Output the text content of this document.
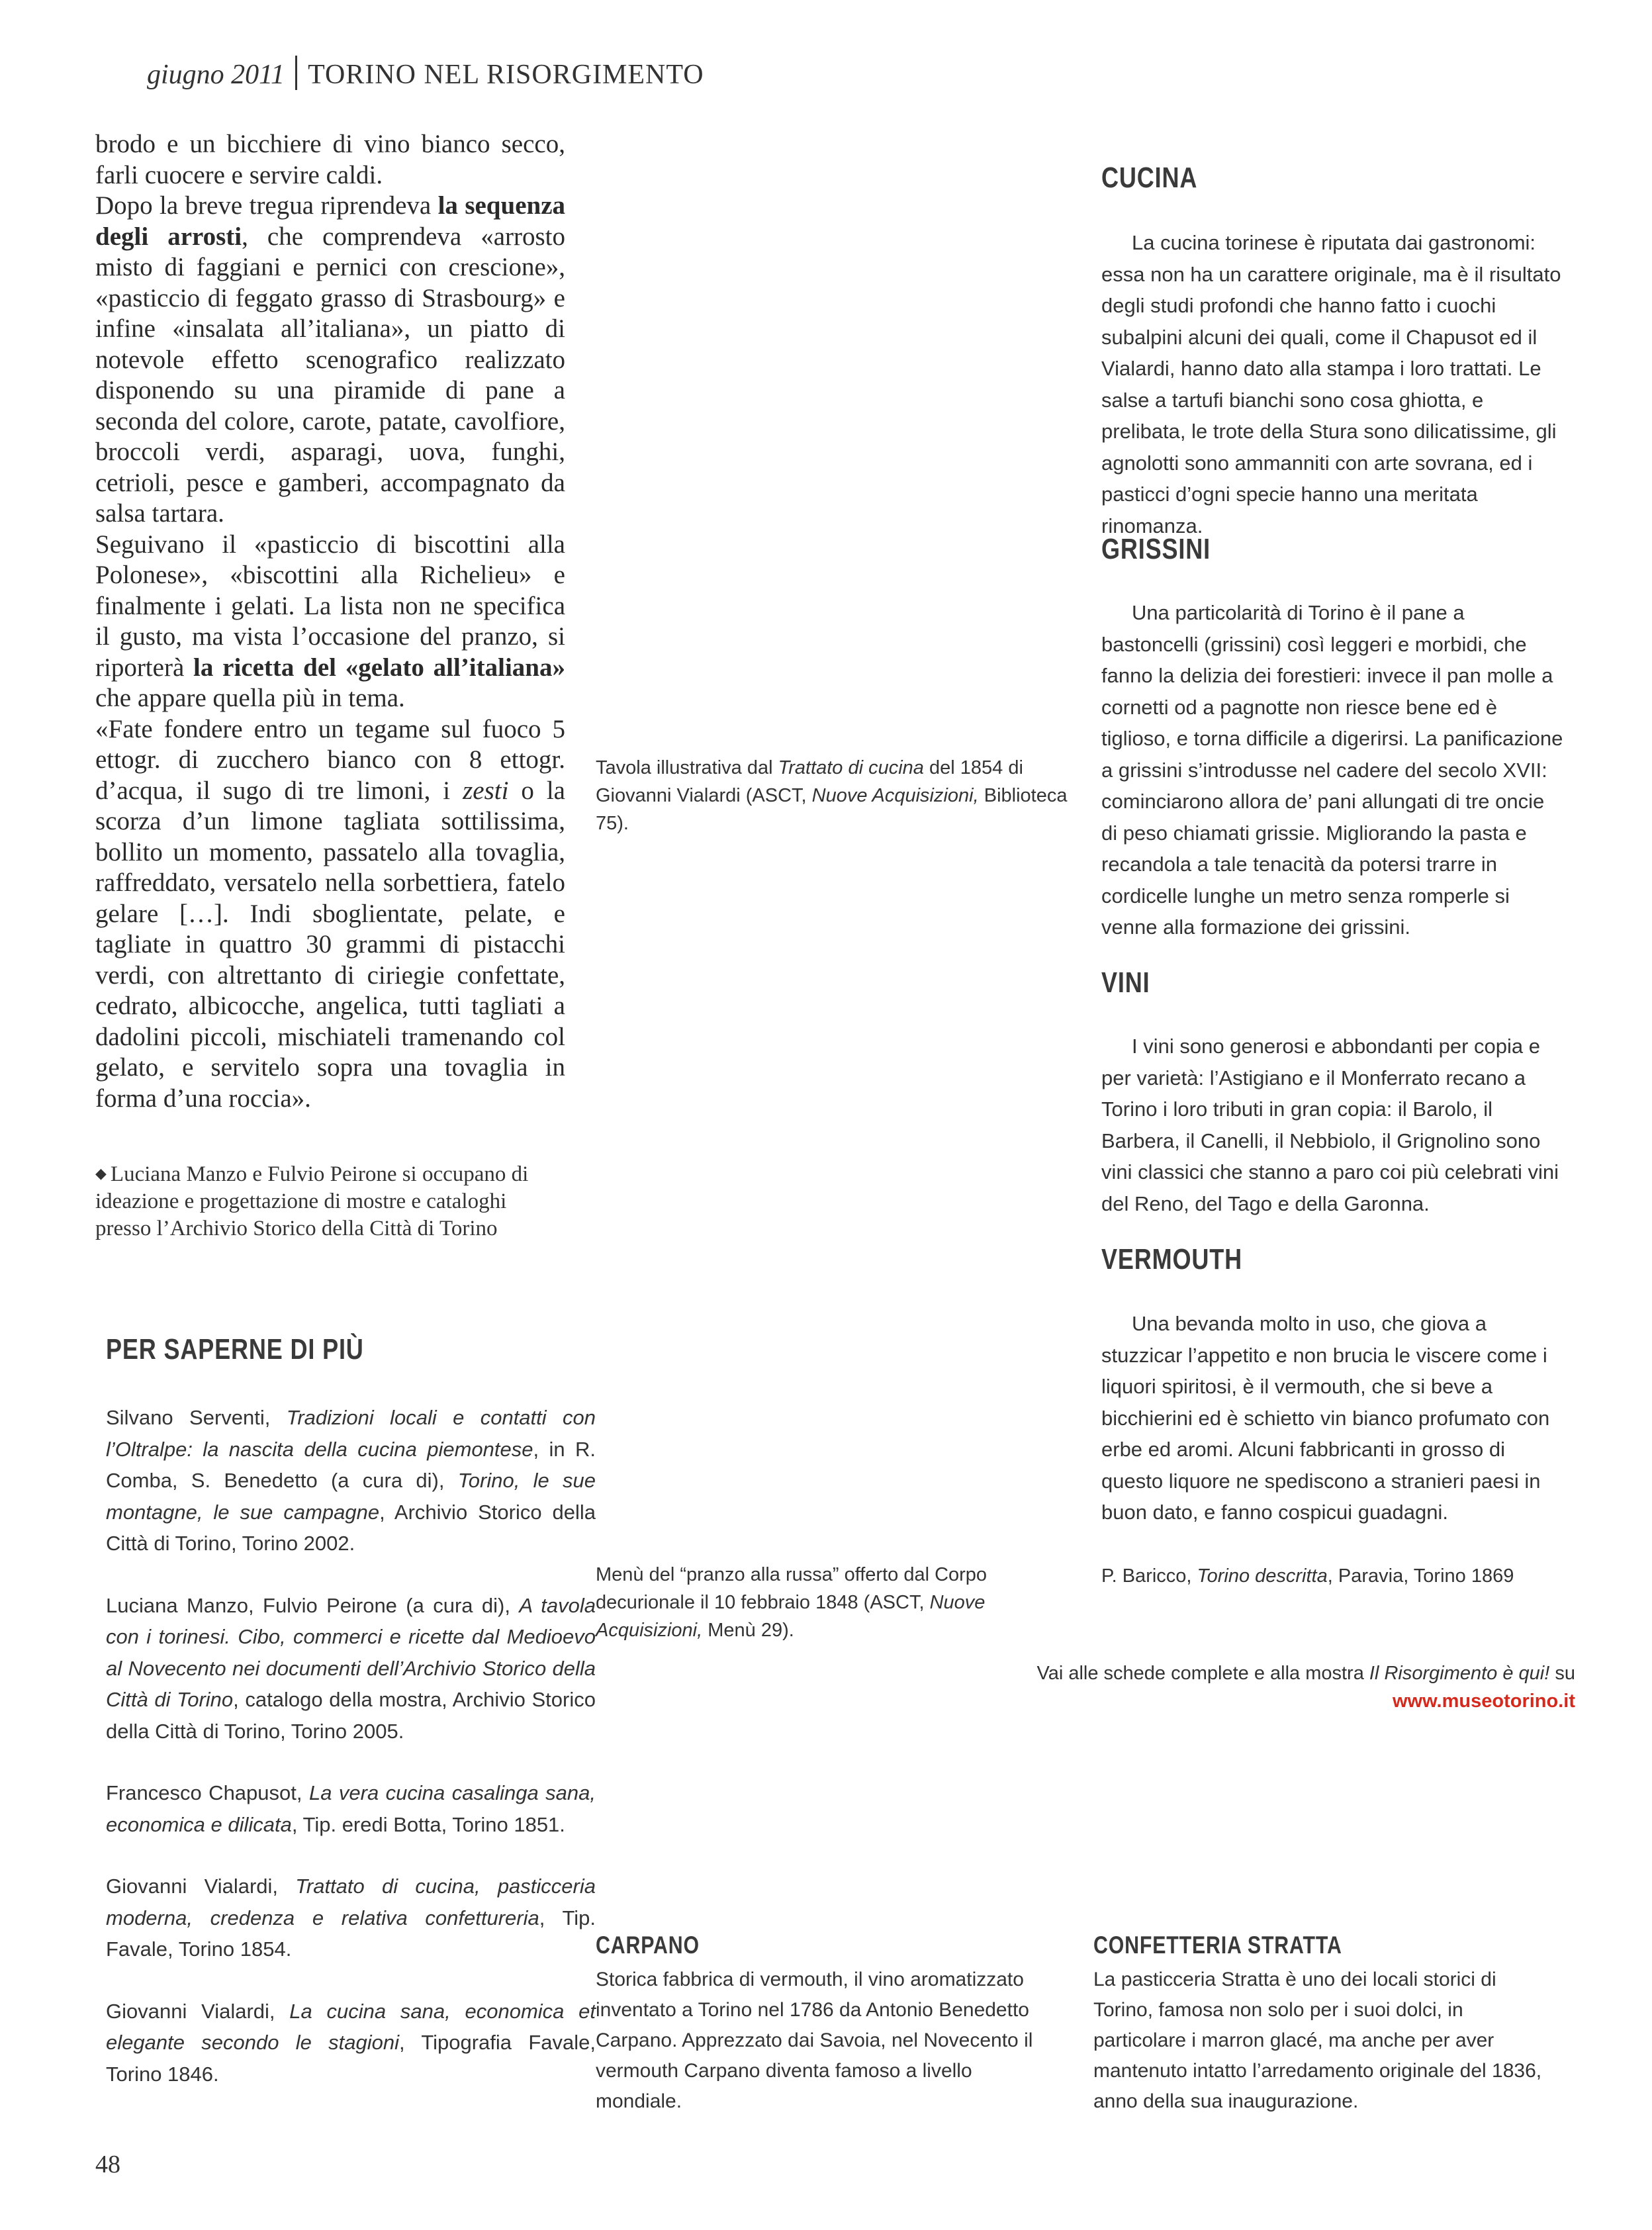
giugno 2011 TORINO NEL RISORGIMENTO

brodo e un bicchiere di vino bianco secco, farli cuocere e servire caldi.

Dopo la breve tregua riprendeva la sequenza degli arrosti, che comprendeva «arrosto misto di faggiani e pernici con crescione», «pasticcio di feggato grasso di Strasbourg» e infine «insalata all’italiana», un piatto di notevole effetto scenografico realizzato disponendo su una piramide di pane a seconda del colore, carote, patate, cavolfiore, broccoli verdi, asparagi, uova, funghi, cetrioli, pesce e gamberi, accompagnato da salsa tartara.

Seguivano il «pasticcio di biscottini alla Polonese», «biscottini alla Richelieu» e finalmente i gelati. La lista non ne specifica il gusto, ma vista l’occasione del pranzo, si riporterà la ricetta del «gelato all’italiana» che appare quella più in tema.

«Fate fondere entro un tegame sul fuoco 5 ettogr. di zucchero bianco con 8 ettogr. d’acqua, il sugo di tre limoni, i zesti o la scorza d’un limone tagliata sottilissima, bollito un momento, passatelo alla tovaglia, raffreddato, versatelo nella sorbettiera, fatelo gelare […]. Indi sboglientate, pelate, e tagliate in quattro 30 grammi di pistacchi verdi, con altrettanto di ciriegie confettate, cedrato, albicocche, angelica, tutti tagliati a dadolini piccoli, mischiateli tramenando col gelato, e servitelo sopra una tovaglia in forma d’una roccia».

◆ Luciana Manzo e Fulvio Peirone si occupano di ideazione e progettazione di mostre e cataloghi presso l’Archivio Storico della Città di Torino
PER SAPERNE DI PIÙ

Silvano Serventi, Tradizioni locali e contatti con l’Oltralpe: la nascita della cucina piemontese, in R. Comba, S. Benedetto (a cura di), Torino, le sue montagne, le sue campagne, Archivio Storico della Città di Torino, Torino 2002.

Luciana Manzo, Fulvio Peirone (a cura di), A tavola con i torinesi. Cibo, commerci e ricette dal Medioevo al Novecento nei documenti dell’Archivio Storico della Città di Torino, catalogo della mostra, Archivio Storico della Città di Torino, Torino 2005.

Francesco Chapusot, La vera cucina casalinga sana, economica e dilicata, Tip. eredi Botta, Torino 1851.

Giovanni Vialardi, Trattato di cucina, pasticceria moderna, credenza e relativa confettureria, Tip. Favale, Torino 1854.

Giovanni Vialardi, La cucina sana, economica et elegante secondo le stagioni, Tipografia Favale, Torino 1846.

Tavola illustrativa dal Trattato di cucina del 1854 di Giovanni Vialardi (ASCT, Nuove Acquisizioni, Biblioteca 75).
Menù del “pranzo alla russa” offerto dal Corpo decurionale il 10 febbraio 1848 (ASCT, Nuove Acquisizioni, Menù 29).
CUCINA

La cucina torinese è riputata dai gastronomi: essa non ha un carattere originale, ma è il risultato degli studi profondi che hanno fatto i cuochi subalpini alcuni dei quali, come il Chapusot ed il Vialardi, hanno dato alla stampa i loro trattati. Le salse a tartufi bianchi sono cosa ghiotta, e prelibata, le trote della Stura sono dilicatissime, gli agnolotti sono ammanniti con arte sovrana, ed i pasticci d’ogni specie hanno una meritata rinomanza.

GRISSINI

Una particolarità di Torino è il pane a bastoncelli (grissini) così leggeri e morbidi, che fanno la delizia dei forestieri: invece il pan molle a cornetti od a pagnotte non riesce bene ed è tiglioso, e torna difficile a digerirsi. La panificazione a grissini s’introdusse nel cadere del secolo XVII: cominciarono allora de’ pani allungati di tre oncie di peso chiamati grissie. Migliorando la pasta e recandola a tale tenacità da potersi trarre in cordicelle lunghe un metro senza romperle si venne alla formazione dei grissini.

VINI

I vini sono generosi e abbondanti per copia e per varietà: l’Astigiano e il Monferrato recano a Torino i loro tributi in gran copia: il Barolo, il Barbera, il Canelli, il Nebbiolo, il Grignolino sono vini classici che stanno a paro coi più celebrati vini del Reno, del Tago e della Garonna.

VERMOUTH

Una bevanda molto in uso, che giova a stuzzicar l’appetito e non brucia le viscere come i liquori spiritosi, è il vermouth, che si beve a bicchierini ed è schietto vin bianco profumato con erbe ed aromi. Alcuni fabbricanti in grosso di questo liquore ne spediscono a stranieri paesi in buon dato, e fanno cospicui guadagni.

P. Baricco, Torino descritta, Paravia, Torino 1869
Vai alle schede complete e alla mostra Il Risorgimento è qui! su www.museotorino.it
CARPANO
Storica fabbrica di vermouth, il vino aromatizzato inventato a Torino nel 1786 da Antonio Benedetto Carpano. Apprezzato dai Savoia, nel Novecento il vermouth Carpano diventa famoso a livello mondiale.
CONFETTERIA STRATTA
La pasticceria Stratta è uno dei locali storici di Torino, famosa non solo per i suoi dolci, in particolare i marron glacé, ma anche per aver mantenuto intatto l’arredamento originale del 1836, anno della sua inaugurazione.
48
